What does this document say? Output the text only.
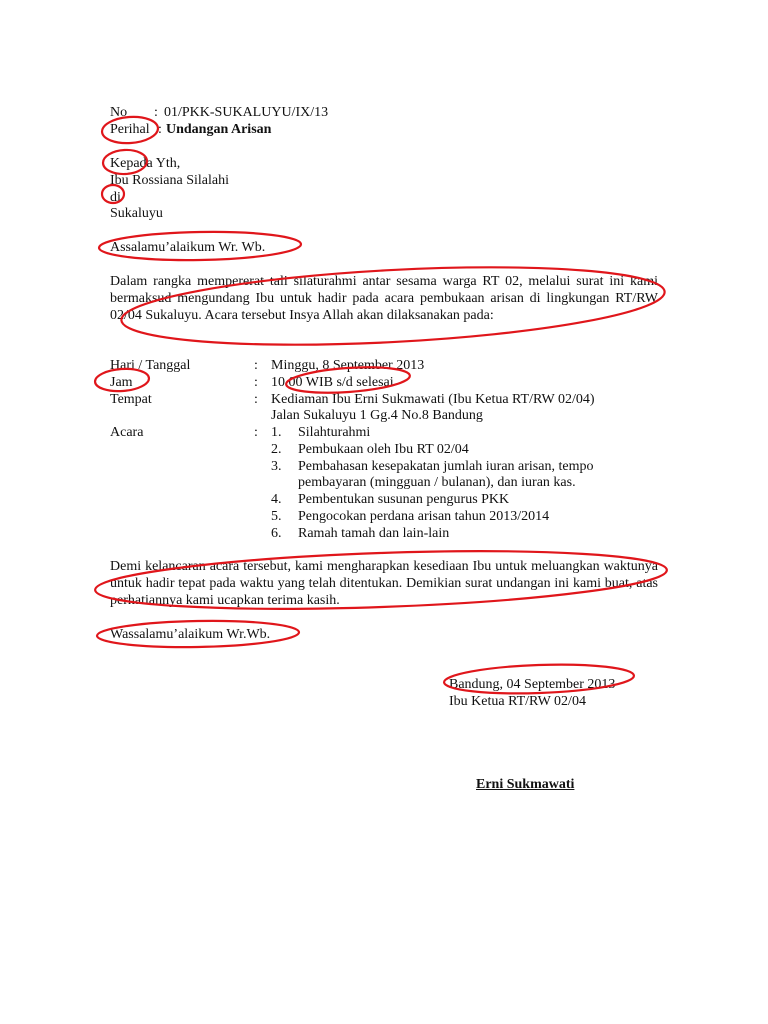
No : 01/PKK-SUKALUYU/IX/13
Perihal : Undangan Arisan
Kepada Yth,
Ibu Rossiana Silalahi
di
Sukaluyu
Assalamu’alaikum Wr. Wb.
Dalam rangka mempererat tali silaturahmi antar sesama warga RT 02, melalui surat ini kami bermaksud mengundang Ibu untuk hadir pada acara pembukaan arisan di lingkungan RT/RW 02/04 Sukaluyu. Acara tersebut Insya Allah akan dilaksanakan pada:
Hari / Tanggal	: Minggu, 8 September 2013
Jam	: 10.00 WIB s/d selesai
Tempat	: Kediaman Ibu Erni Sukmawati (Ibu Ketua RT/RW 02/04)
Jalan Sukaluyu 1 Gg.4 No.8 Bandung
Acara	: 1. Silahturahmi
2. Pembukaan oleh Ibu RT 02/04
3. Pembahasan kesepakatan jumlah iuran arisan, tempo
pembayaran (mingguan / bulanan), dan iuran kas.
4. Pembentukan susunan pengurus PKK
5. Pengocokan perdana arisan tahun 2013/2014
6. Ramah tamah dan lain-lain
Demi kelancaran acara tersebut, kami mengharapkan kesediaan Ibu untuk meluangkan waktunya untuk hadir tepat pada waktu yang telah ditentukan. Demikian surat undangan ini kami buat, atas perhatiannya kami ucapkan terima kasih.
Wassalamu’alaikum Wr.Wb.
Bandung, 04 September 2013
Ibu Ketua RT/RW 02/04
Erni Sukmawati
